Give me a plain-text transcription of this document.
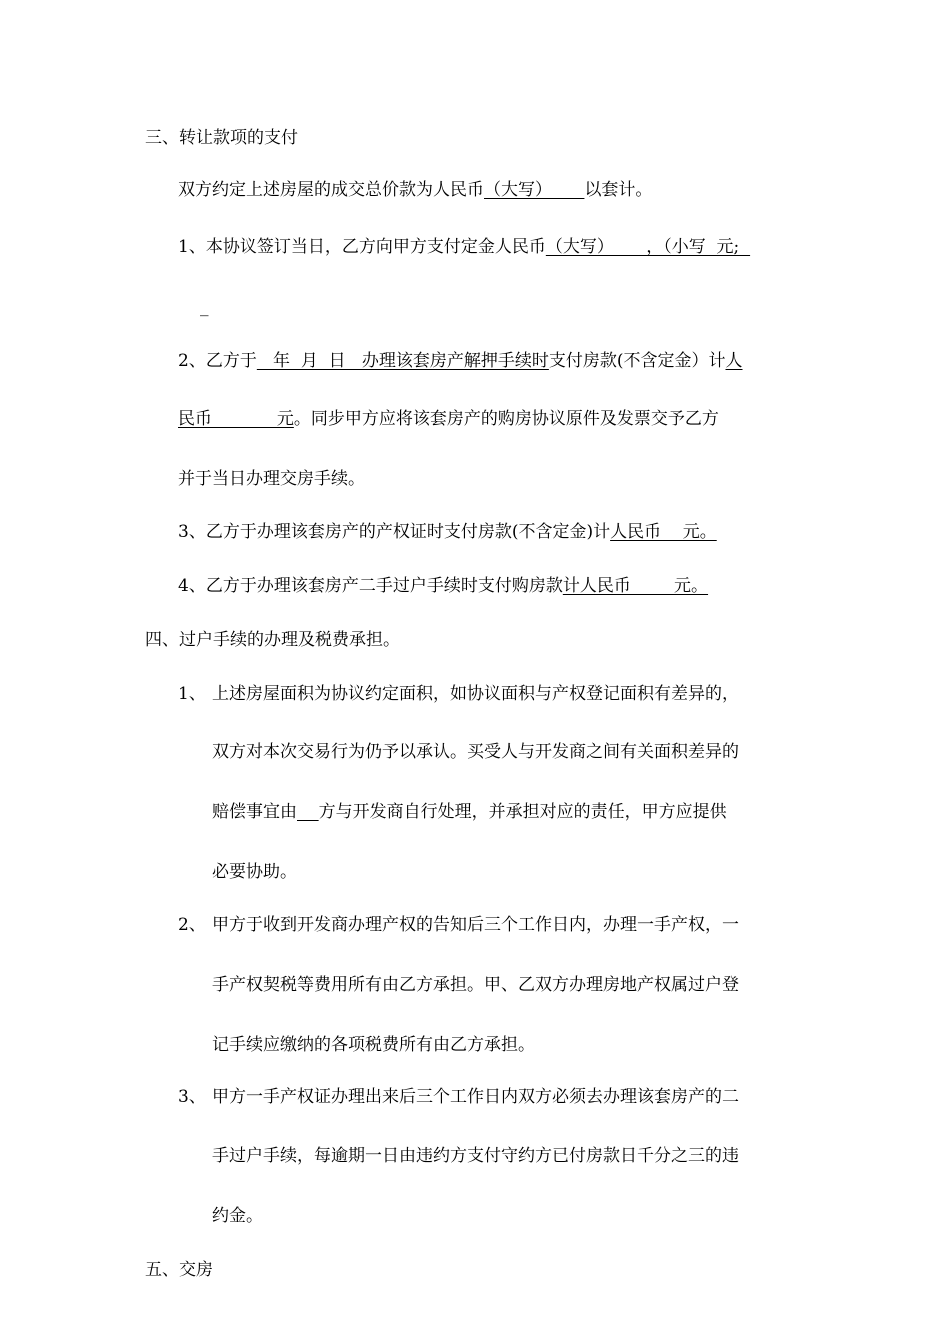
三、转让款项的支付
双方约定上述房屋的成交总价款为人民币（大写）      以套计。
1、本协议签订当日，乙方向甲方支付定金人民币（大写）      ，（小写  元;
_
2、乙方于   年  月  日   办理该套房产解押手续时支付房款(不含定金）计人
民币            元。同步甲方应将该套房产的购房协议原件及发票交予乙方
并于当日办理交房手续。
3、乙方于办理该套房产的产权证时支付房款(不含定金)计人民币    元。
4、乙方于办理该套房产二手过户手续时支付购房款计人民币        元。
四、过户手续的办理及税费承担。
1、 上述房屋面积为协议约定面积，如协议面积与产权登记面积有差异的，
双方对本次交易行为仍予以承认。买受人与开发商之间有关面积差异的
赔偿事宜由 方与开发商自行处理，并承担对应的责任，甲方应提供
必要协助。
2、 甲方于收到开发商办理产权的告知后三个工作日内，办理一手产权，一
手产权契税等费用所有由乙方承担。甲、乙双方办理房地产权属过户登
记手续应缴纳的各项税费所有由乙方承担。
3、 甲方一手产权证办理出来后三个工作日内双方必须去办理该套房产的二
手过户手续，每逾期一日由违约方支付守约方已付房款日千分之三的违
约金。
五、交房
